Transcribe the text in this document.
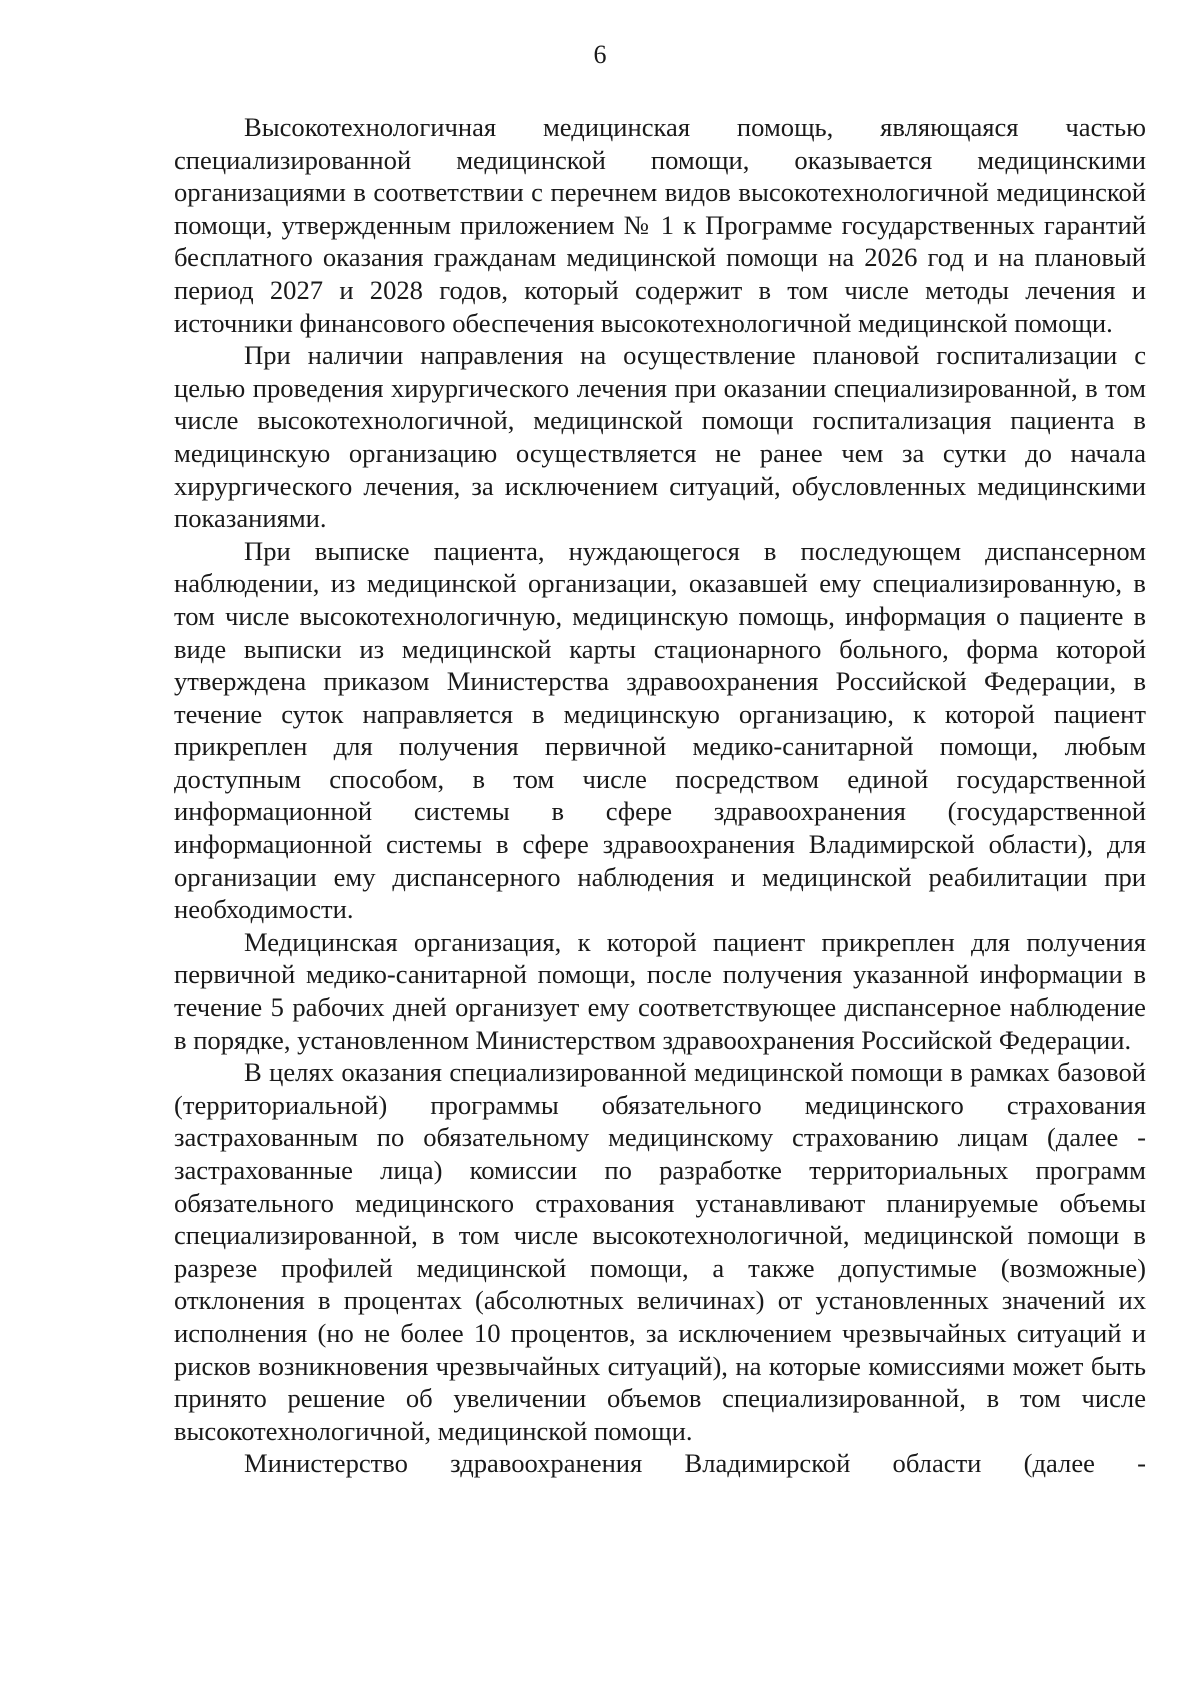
6

Высокотехнологичная медицинская помощь, являющаяся частью специализированной медицинской помощи, оказывается медицинскими организациями в соответствии с перечнем видов высокотехнологичной медицинской помощи, утвержденным приложением № 1 к Программе государственных гарантий бесплатного оказания гражданам медицинской помощи на 2026 год и на плановый период 2027 и 2028 годов, который содержит в том числе методы лечения и источники финансового обеспечения высокотехнологичной медицинской помощи.

При наличии направления на осуществление плановой госпитализации с целью проведения хирургического лечения при оказании специализированной, в том числе высокотехнологичной, медицинской помощи госпитализация пациента в медицинскую организацию осуществляется не ранее чем за сутки до начала хирургического лечения, за исключением ситуаций, обусловленных медицинскими показаниями.

При выписке пациента, нуждающегося в последующем диспансерном наблюдении, из медицинской организации, оказавшей ему специализированную, в том числе высокотехнологичную, медицинскую помощь, информация о пациенте в виде выписки из медицинской карты стационарного больного, форма которой утверждена приказом Министерства здравоохранения Российской Федерации, в течение суток направляется в медицинскую организацию, к которой пациент прикреплен для получения первичной медико-санитарной помощи, любым доступным способом, в том числе посредством единой государственной информационной системы в сфере здравоохранения (государственной информационной системы в сфере здравоохранения Владимирской области), для организации ему диспансерного наблюдения и медицинской реабилитации при необходимости.

Медицинская организация, к которой пациент прикреплен для получения первичной медико-санитарной помощи, после получения указанной информации в течение 5 рабочих дней организует ему соответствующее диспансерное наблюдение в порядке, установленном Министерством здравоохранения Российской Федерации.

В целях оказания специализированной медицинской помощи в рамках базовой (территориальной) программы обязательного медицинского страхования застрахованным по обязательному медицинскому страхованию лицам (далее - застрахованные лица) комиссии по разработке территориальных программ обязательного медицинского страхования устанавливают планируемые объемы специализированной, в том числе высокотехнологичной, медицинской помощи в разрезе профилей медицинской помощи, а также допустимые (возможные) отклонения в процентах (абсолютных величинах) от установленных значений их исполнения (но не более 10 процентов, за исключением чрезвычайных ситуаций и рисков возникновения чрезвычайных ситуаций), на которые комиссиями может быть принято решение об увеличении объемов специализированной, в том числе высокотехнологичной, медицинской помощи.

Министерство здравоохранения Владимирской области (далее -
